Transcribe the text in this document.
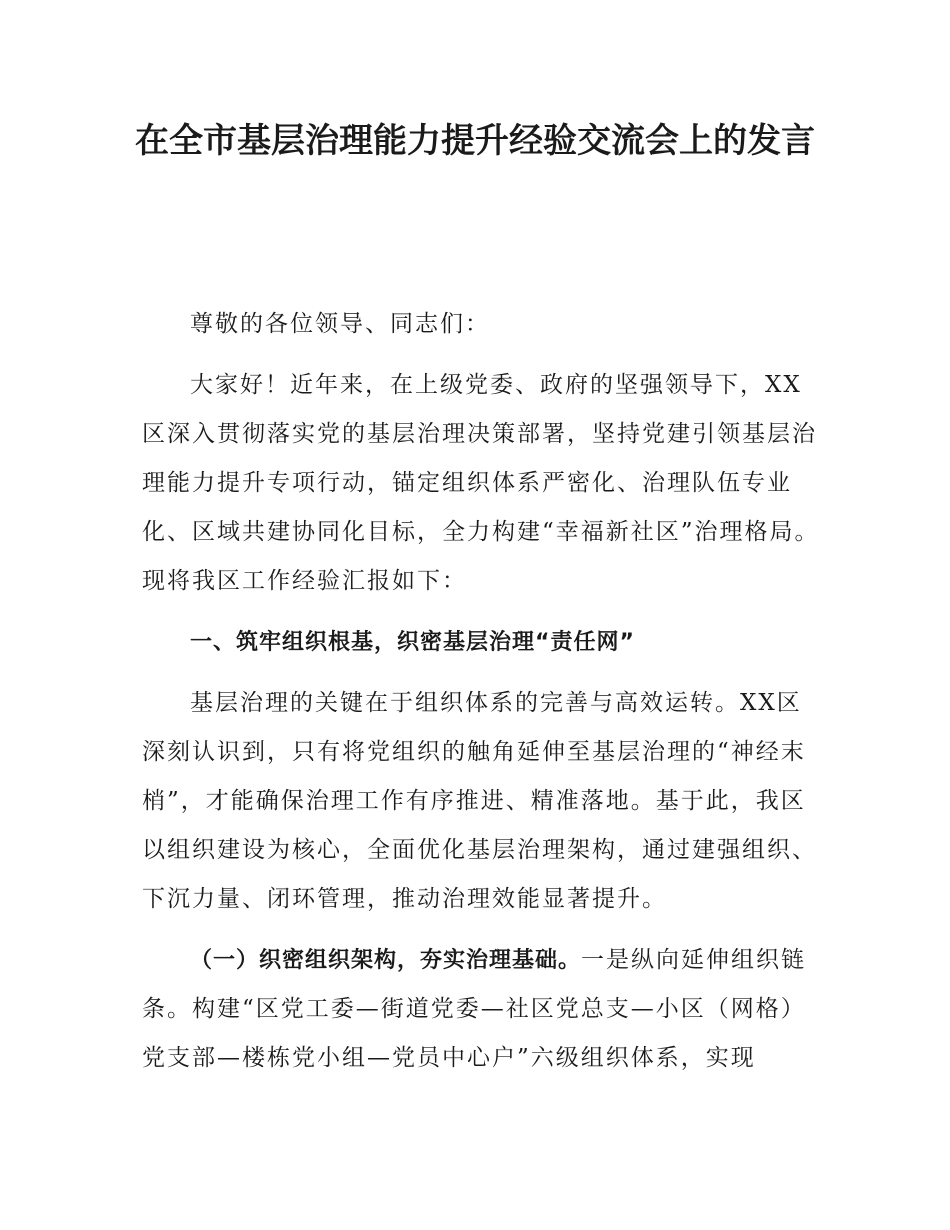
在全市基层治理能力提升经验交流会上的发言

尊敬的各位领导、同志们：

大家好！近年来，在上级党委、政府的坚强领导下，XX区深入贯彻落实党的基层治理决策部署，坚持党建引领基层治理能力提升专项行动，锚定组织体系严密化、治理队伍专业化、区域共建协同化目标，全力构建“幸福新社区”治理格局。现将我区工作经验汇报如下：

一、筑牢组织根基，织密基层治理“责任网”

基层治理的关键在于组织体系的完善与高效运转。XX区深刻认识到，只有将党组织的触角延伸至基层治理的“神经末梢”，才能确保治理工作有序推进、精准落地。基于此，我区以组织建设为核心，全面优化基层治理架构，通过建强组织、下沉力量、闭环管理，推动治理效能显著提升。

（一）织密组织架构，夯实治理基础。一是纵向延伸组织链条。构建“区党工委—街道党委—社区党总支—小区（网格）党支部—楼栋党小组—党员中心户”六级组织体系，实现
